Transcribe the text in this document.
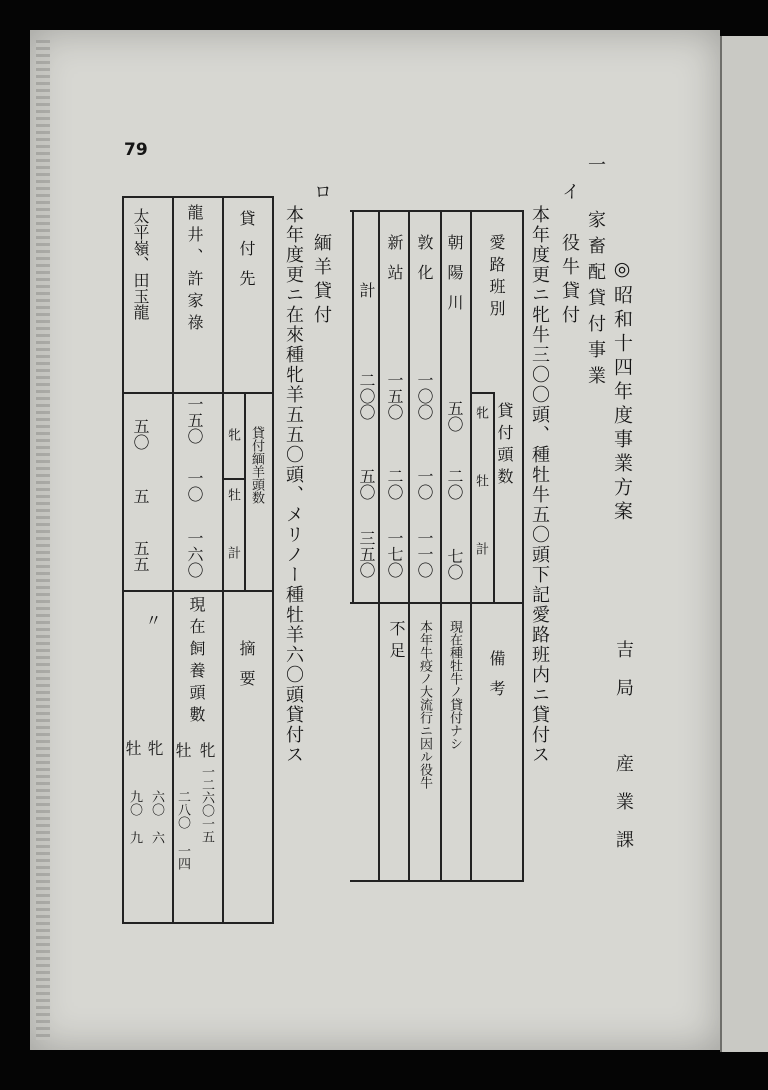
79
◎昭和十四年度事業方案
吉局　産業課
一 家畜配貸付事業
イ 役牛貸付
本年度更ニ牝牛三〇〇頭、種牡牛五〇頭下記愛路班内ニ貸付ス
愛路班別
貸付頭数
備考
牝
牡
計
朝陽川
五〇
二〇
七〇
現在種牡牛ノ貸付ナシ
敦化
一〇〇
一〇
一一〇
本年牛疫ノ大流行ニ因ル役牛
新站
一五〇
二〇
一七〇
不足
計
二〇〇
五〇
三五〇
ロ 緬羊貸付
本年度更ニ在來種牝羊五五〇頭、メリノー種牡羊六〇頭貸付ス
貸付先
貸付緬羊頭数
摘要
牝
牡
計
龍井、許家祿
一五〇
一〇
一六〇
現在飼養頭數
牝
一二六〇一五
牡
二八〇 一四
太平嶺、田玉龍
五〇
五
五五
〃
牝
六〇 六
牡
九〇 九
